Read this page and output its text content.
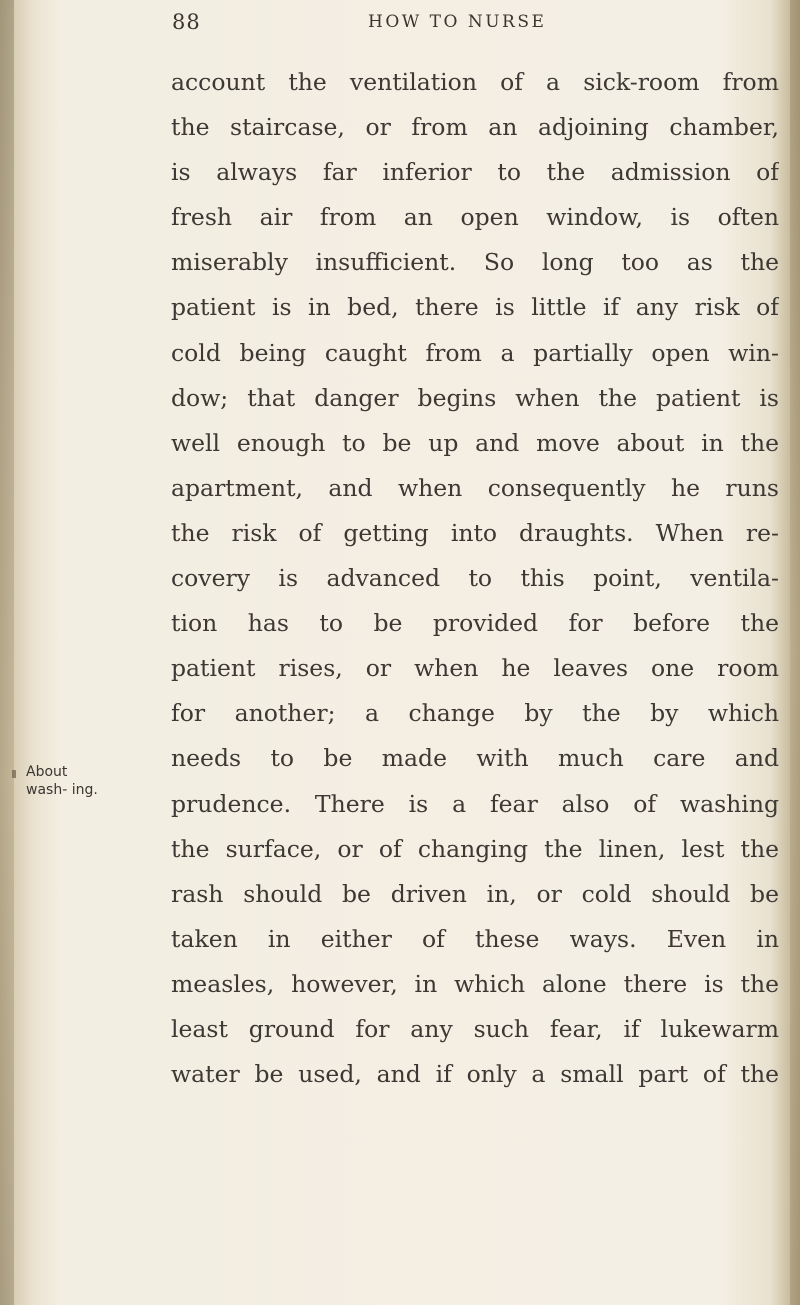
88	HOW TO NURSE
About wash- ing.
account the ventilation of a sick-room from
the staircase, or from an adjoining chamber,
is always far inferior to the admission of
fresh air from an open window, is often
miserably insufficient. So long too as the
patient is in bed, there is little if any risk of
cold being caught from a partially open win-
dow; that danger begins when the patient is
well enough to be up and move about in the
apartment, and when consequently he runs
the risk of getting into draughts. When re-
covery is advanced to this point, ventila-
tion has to be provided for before the
patient rises, or when he leaves one room
for another; a change by the by which
needs to be made with much care and
prudence. There is a fear also of washing
the surface, or of changing the linen, lest the
rash should be driven in, or cold should be
taken in either of these ways. Even in
measles, however, in which alone there is the
least ground for any such fear, if lukewarm
water be used, and if only a small part of the
